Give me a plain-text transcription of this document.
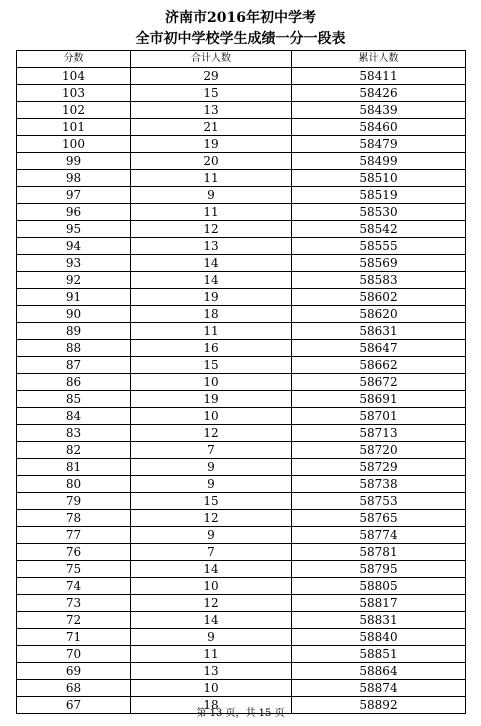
济南市2016年初中学考
全市初中学校学生成绩一分一段表
分数	合计人数	累计人数
104	29	58411
103	15	58426
102	13	58439
101	21	58460
100	19	58479
99	20	58499
98	11	58510
97	9	58519
96	11	58530
95	12	58542
94	13	58555
93	14	58569
92	14	58583
91	19	58602
90	18	58620
89	11	58631
88	16	58647
87	15	58662
86	10	58672
85	19	58691
84	10	58701
83	12	58713
82	7	58720
81	9	58729
80	9	58738
79	15	58753
78	12	58765
77	9	58774
76	7	58781
75	14	58795
74	10	58805
73	12	58817
72	14	58831
71	9	58840
70	11	58851
69	13	58864
68	10	58874
67	18	58892
第 13 页，共 15 页
